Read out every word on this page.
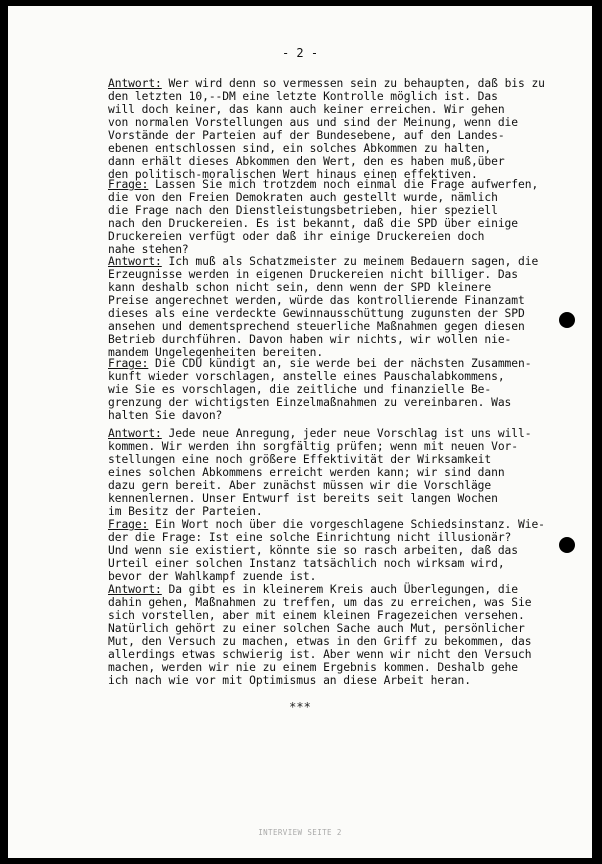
- 2 -

Antwort: Wer wird denn so vermessen sein zu behaupten, daß bis zu
den letzten 10,--DM eine letzte Kontrolle möglich ist. Das
will doch keiner, das kann auch keiner erreichen. Wir gehen
von normalen Vorstellungen aus und sind der Meinung, wenn die
Vorstände der Parteien auf der Bundesebene, auf den Landes-
ebenen entschlossen sind, ein solches Abkommen zu halten,
dann erhält dieses Abkommen den Wert, den es haben muß,über
den politisch-moralischen Wert hinaus einen effektiven.

Frage: Lassen Sie mich trotzdem noch einmal die Frage aufwerfen,
die von den Freien Demokraten auch gestellt wurde, nämlich
die Frage nach den Dienstleistungsbetrieben, hier speziell
nach den Druckereien. Es ist bekannt, daß die SPD über einige
Druckereien verfügt oder daß ihr einige Druckereien doch
nahe stehen?

Antwort: Ich muß als Schatzmeister zu meinem Bedauern sagen, die
Erzeugnisse werden in eigenen Druckereien nicht billiger. Das
kann deshalb schon nicht sein, denn wenn der SPD kleinere
Preise angerechnet werden, würde das kontrollierende Finanzamt
dieses als eine verdeckte Gewinnausschüttung zugunsten der SPD
ansehen und dementsprechend steuerliche Maßnahmen gegen diesen
Betrieb durchführen. Davon haben wir nichts, wir wollen nie-
mandem Ungelegenheiten bereiten.

Frage: Die CDU kündigt an, sie werde bei der nächsten Zusammen-
kunft wieder vorschlagen, anstelle eines Pauschalabkommens,
wie Sie es vorschlagen, die zeitliche und finanzielle Be-
grenzung der wichtigsten Einzelmaßnahmen zu vereinbaren. Was
halten Sie davon?

Antwort: Jede neue Anregung, jeder neue Vorschlag ist uns will-
kommen. Wir werden ihn sorgfältig prüfen; wenn mit neuen Vor-
stellungen eine noch größere Effektivität der Wirksamkeit
eines solchen Abkommens erreicht werden kann; wir sind dann
dazu gern bereit. Aber zunächst müssen wir die Vorschläge
kennenlernen. Unser Entwurf ist bereits seit langen Wochen
im Besitz der Parteien.

Frage: Ein Wort noch über die vorgeschlagene Schiedsinstanz. Wie-
der die Frage: Ist eine solche Einrichtung nicht illusionär?
Und wenn sie existiert, könnte sie so rasch arbeiten, daß das
Urteil einer solchen Instanz tatsächlich noch wirksam wird,
bevor der Wahlkampf zuende ist.

Antwort: Da gibt es in kleinerem Kreis auch Überlegungen, die
dahin gehen, Maßnahmen zu treffen, um das zu erreichen, was Sie
sich vorstellen, aber mit einem kleinen Fragezeichen versehen.
Natürlich gehört zu einer solchen Sache auch Mut, persönlicher
Mut, den Versuch zu machen, etwas in den Griff zu bekommen, das
allerdings etwas schwierig ist. Aber wenn wir nicht den Versuch
machen, werden wir nie zu einem Ergebnis kommen. Deshalb gehe
ich nach wie vor mit Optimismus an diese Arbeit heran.

***

INTERVIEW SEITE 2
